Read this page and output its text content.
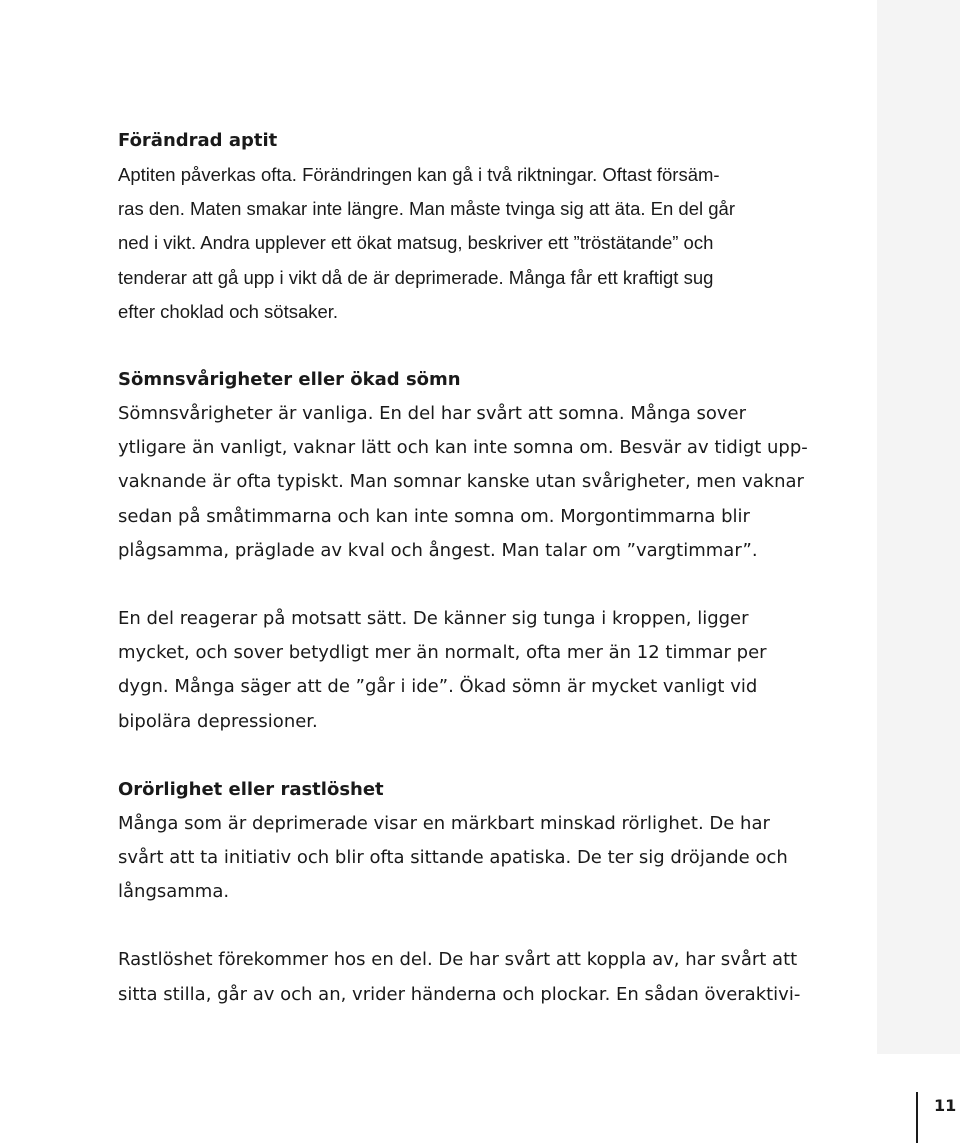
Förändrad aptit

Aptiten påverkas ofta. Förändringen kan gå i två riktningar. Oftast försäm-
ras den. Maten smakar inte längre. Man måste tvinga sig att äta. En del går
ned i vikt. Andra upplever ett ökat matsug, beskriver ett ”tröstätande” och
tenderar att gå upp i vikt då de är deprimerade. Många får ett kraftigt sug
efter choklad och sötsaker.

Sömnsvårigheter eller ökad sömn

Sömnsvårigheter är vanliga. En del har svårt att somna. Många sover
ytligare än vanligt, vaknar lätt och kan inte somna om. Besvär av tidigt upp-
vaknande är ofta typiskt. Man somnar kanske utan svårigheter, men vaknar
sedan på småtimmarna och kan inte somna om. Morgontimmarna blir
plågsamma, präglade av kval och ångest. Man talar om ”vargtimmar”.

En del reagerar på motsatt sätt. De känner sig tunga i kroppen, ligger
mycket, och sover betydligt mer än normalt, ofta mer än 12 timmar per
dygn. Många säger att de ”går i ide”. Ökad sömn är mycket vanligt vid
bipolära depressioner.

Orörlighet eller rastlöshet

Många som är deprimerade visar en märkbart minskad rörlighet. De har
svårt att ta initiativ och blir ofta sittande apatiska. De ter sig dröjande och
långsamma.

Rastlöshet förekommer hos en del. De har svårt att koppla av, har svårt att
sitta stilla, går av och an, vrider händerna och plockar. En sådan överaktivi-

11
